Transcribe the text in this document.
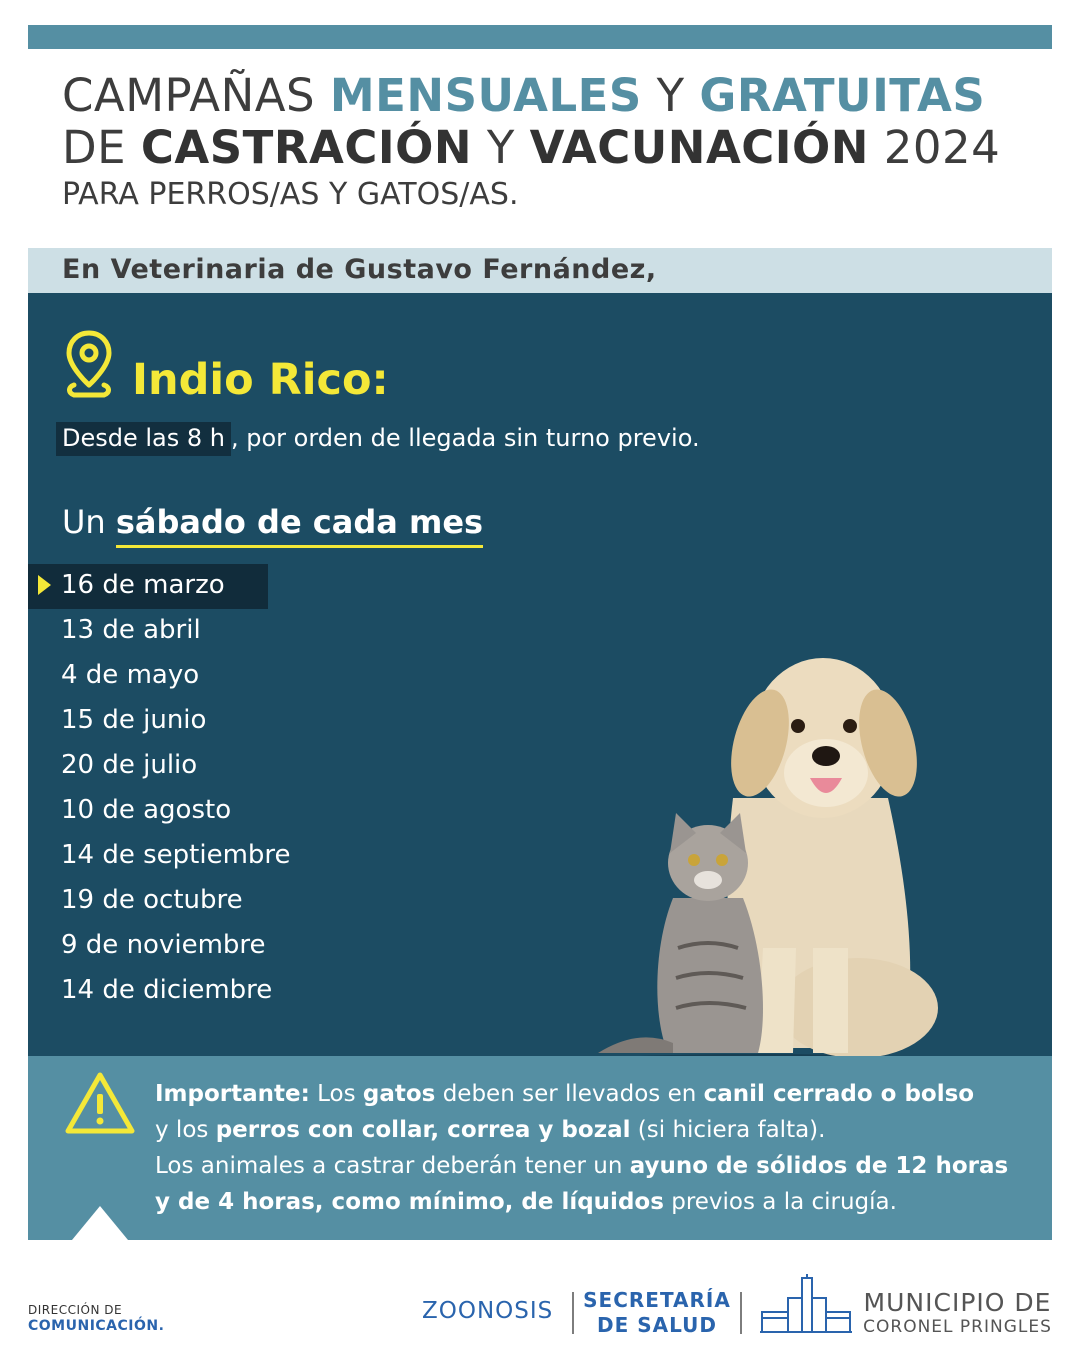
CAMPAÑAS MENSUALES Y GRATUITAS
DE CASTRACIÓN Y VACUNACIÓN 2024
PARA PERROS/AS Y GATOS/AS.
En Veterinaria de Gustavo Fernández,
Indio Rico:
Desde las 8 h , por orden de llegada sin turno previo.
Un sábado de cada mes
16 de marzo
13 de abril
4 de mayo
15 de junio
20 de julio
10 de agosto
14 de septiembre
19 de octubre
9 de noviembre
14 de diciembre
Importante: Los gatos deben ser llevados en canil cerrado o bolso
y los perros con collar, correa y bozal (si hiciera falta).
Los animales a castrar deberán tener un ayuno de sólidos de 12 horas
y de 4 horas, como mínimo, de líquidos previos a la cirugía.
DIRECCIÓN DE
COMUNICACIÓN.
ZOONOSIS SECRETARÍA
DE SALUD
MUNICIPIO DE
CORONEL PRINGLES
